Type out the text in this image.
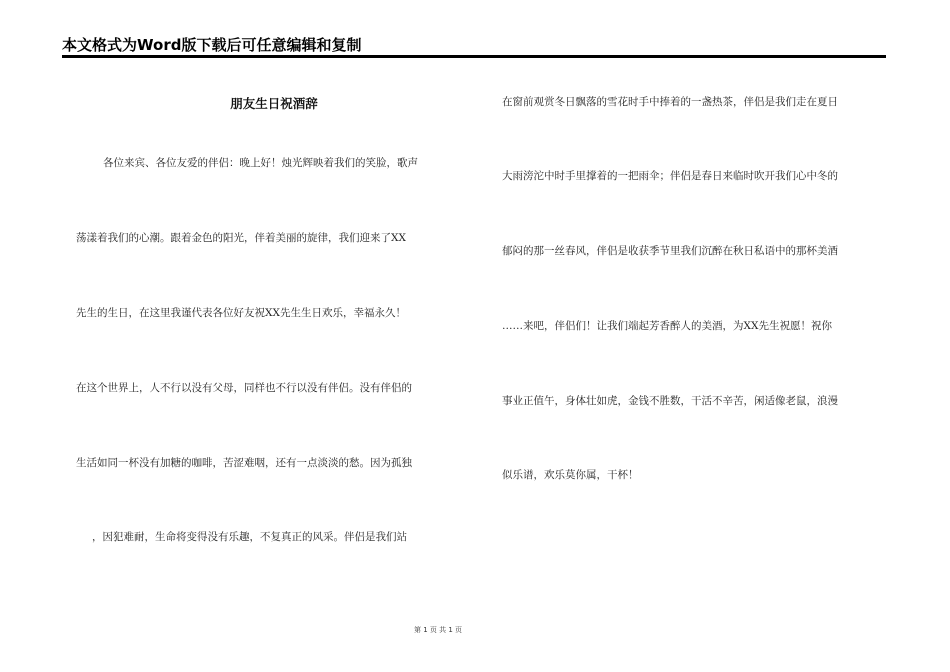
本文格式为Word版下载后可任意编辑和复制
朋友生日祝酒辞
各位来宾、各位友爱的伴侣：晚上好！烛光辉映着我们的笑脸，歌声
荡漾着我们的心潮。跟着金色的阳光，伴着美丽的旋律，我们迎来了XX
先生的生日，在这里我谨代表各位好友祝XX先生生日欢乐，幸福永久！
在这个世界上，人不行以没有父母，同样也不行以没有伴侣。没有伴侣的
生活如同一杯没有加糖的咖啡，苦涩难咽，还有一点淡淡的愁。因为孤独
，因犯难耐，生命将变得没有乐趣，不复真正的风采。伴侣是我们站
在窗前观赏冬日飘落的雪花时手中捧着的一盏热茶，伴侣是我们走在夏日
大雨滂沱中时手里撑着的一把雨伞；伴侣是春日来临时吹开我们心中冬的
郁闷的那一丝春风，伴侣是收获季节里我们沉醉在秋日私语中的那杯美酒
……来吧，伴侣们！让我们端起芳香醉人的美酒，为XX先生祝愿！祝你
事业正值午，身体壮如虎，金钱不胜数，干活不辛苦，闲适像老鼠，浪漫
似乐谱，欢乐莫你属，干杯！
第 1 页 共 1 页
